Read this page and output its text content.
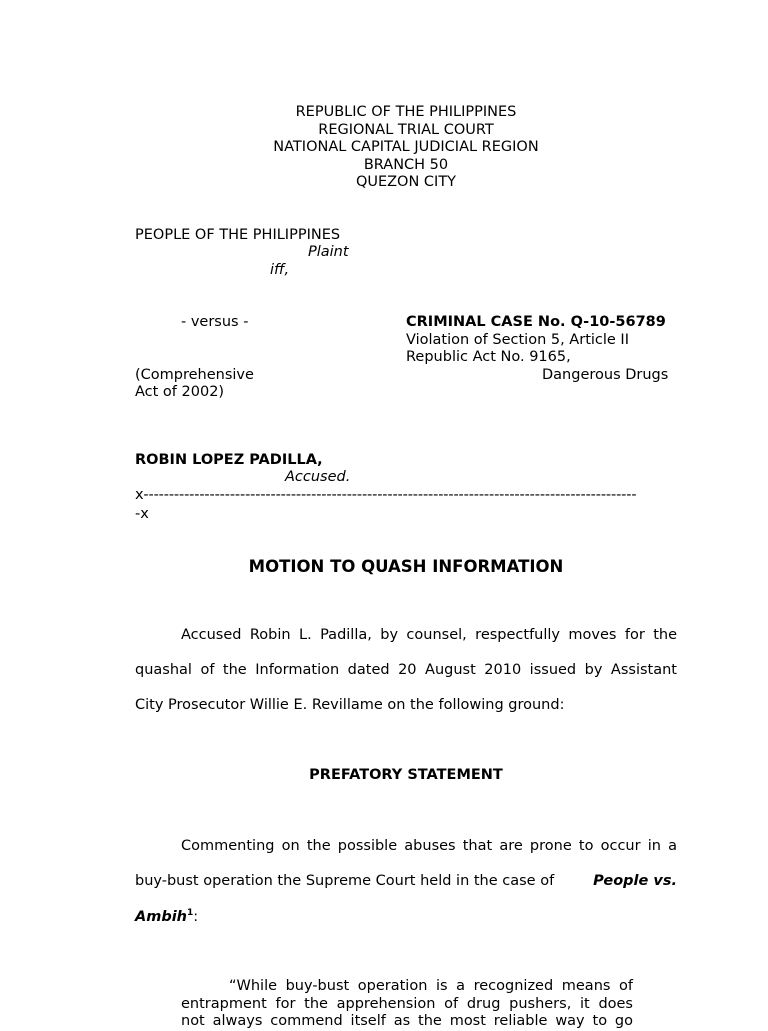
REPUBLIC OF THE PHILIPPINES
REGIONAL TRIAL COURT
NATIONAL CAPITAL JUDICIAL REGION
BRANCH 50
QUEZON CITY
PEOPLE OF THE PHILIPPINES
Plaint
iff,
- versus -	CRIMINAL CASE No. Q-10-56789
Violation of Section 5, Article II
Republic Act No. 9165,
(Comprehensive	Dangerous Drugs
Act of 2002)
ROBIN LOPEZ PADILLA,
Accused.
x-------------------------------------------------------------------------------------------------
-x
MOTION TO QUASH INFORMATION
Accused Robin L. Padilla, by counsel, respectfully moves for the
quashal of the Information dated 20 August 2010 issued by Assistant
City Prosecutor Willie E. Revillame on the following ground:
PREFATORY STATEMENT
Commenting on the possible abuses that are prone to occur in a
buy-bust operation the Supreme Court held in the case of	People vs.
Ambih$^1$:
“While buy-bust operation is a recognized means of
entrapment for the apprehension of drug pushers, it does
not always commend itself as the most reliable way to go
